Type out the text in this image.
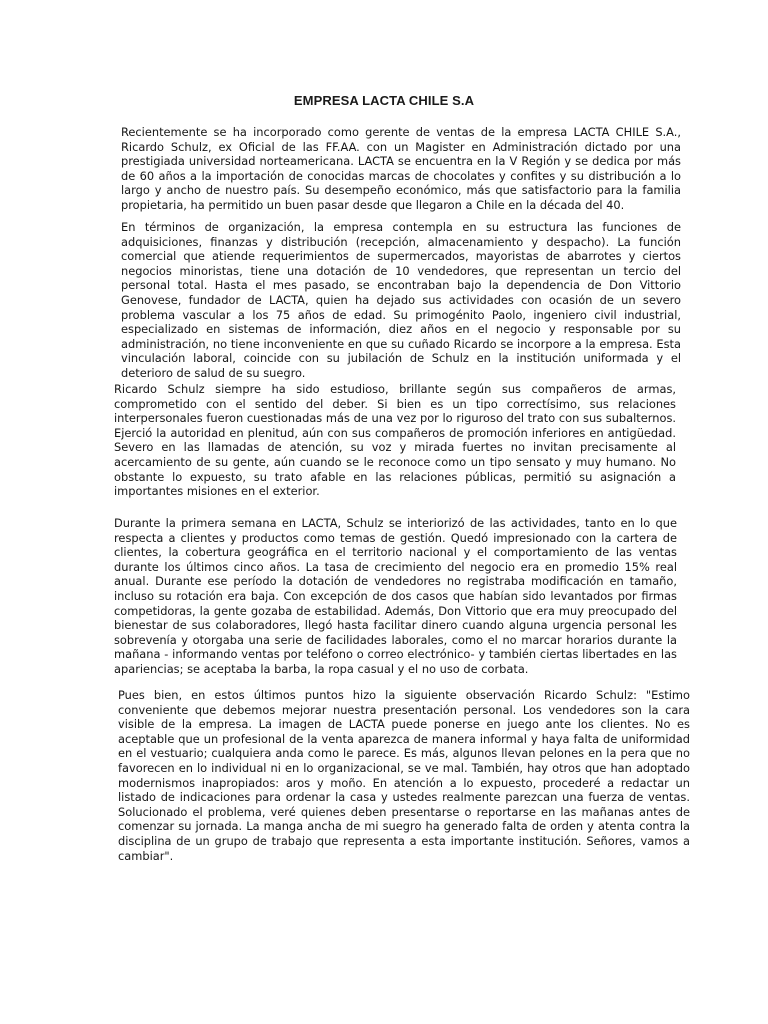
EMPRESA LACTA CHILE S.A

Recientemente se ha incorporado como gerente de ventas de la empresa LACTA CHILE S.A., Ricardo Schulz, ex Oficial de las FF.AA. con un Magister en Administración dictado por una prestigiada universidad norteamericana. LACTA se encuentra en la V Región y se dedica por más de 60 años a la importación de conocidas marcas de chocolates y confites y su distribución a lo largo y ancho de nuestro país. Su desempeño económico, más que satisfactorio para la familia propietaria, ha permitido un buen pasar desde que llegaron a Chile en la década del 40.

En términos de organización, la empresa contempla en su estructura las funciones de adquisiciones, finanzas y distribución (recepción, almacenamiento y despacho). La función comercial que atiende requerimientos de supermercados, mayoristas de abarrotes y ciertos negocios minoristas, tiene una dotación de 10 vendedores, que representan un tercio del personal total. Hasta el mes pasado, se encontraban bajo la dependencia de Don Vittorio Genovese, fundador de LACTA, quien ha dejado sus actividades con ocasión de un severo problema vascular a los 75 años de edad. Su primogénito Paolo, ingeniero civil industrial, especializado en sistemas de información, diez años en el negocio y responsable por su administración, no tiene inconveniente en que su cuñado Ricardo se incorpore a la empresa. Esta vinculación laboral, coincide con su jubilación de Schulz en la institución uniformada y el deterioro de salud de su suegro.

Ricardo Schulz siempre ha sido estudioso, brillante según sus compañeros de armas, comprometido con el sentido del deber. Si bien es un tipo correctísimo, sus relaciones interpersonales fueron cuestionadas más de una vez por lo riguroso del trato con sus subalternos. Ejerció la autoridad en plenitud, aún con sus compañeros de promoción inferiores en antigüedad. Severo en las llamadas de atención, su voz y mirada fuertes no invitan precisamente al acercamiento de su gente, aún cuando se le reconoce como un tipo sensato y muy humano. No obstante lo expuesto, su trato afable en las relaciones públicas, permitió su asignación a importantes misiones en el exterior.

Durante la primera semana en LACTA, Schulz se interiorizó de las actividades, tanto en lo que respecta a clientes y productos como temas de gestión. Quedó impresionado con la cartera de clientes, la cobertura geográfica en el territorio nacional y el comportamiento de las ventas durante los últimos cinco años. La tasa de crecimiento del negocio era en promedio 15% real anual. Durante ese período la dotación de vendedores no registraba modificación en tamaño, incluso su rotación era baja. Con excepción de dos casos que habían sido levantados por firmas competidoras, la gente gozaba de estabilidad. Además, Don Vittorio que era muy preocupado del bienestar de sus colaboradores, llegó hasta facilitar dinero cuando alguna urgencia personal les sobrevenía y otorgaba una serie de facilidades laborales, como el no marcar horarios durante la mañana - informando ventas por teléfono o correo electrónico- y también ciertas libertades en las apariencias; se aceptaba la barba, la ropa casual y el no uso de corbata.

Pues bien, en estos últimos puntos hizo la siguiente observación Ricardo Schulz: "Estimo conveniente que debemos mejorar nuestra presentación personal. Los vendedores son la cara visible de la empresa. La imagen de LACTA puede ponerse en juego ante los clientes. No es aceptable que un profesional de la venta aparezca de manera informal y haya falta de uniformidad en el vestuario; cualquiera anda como le parece. Es más, algunos llevan pelones en la pera que no favorecen en lo individual ni en lo organizacional, se ve mal. También, hay otros que han adoptado modernismos inapropiados: aros y moño. En atención a lo expuesto, procederé a redactar un listado de indicaciones para ordenar la casa y ustedes realmente parezcan una fuerza de ventas. Solucionado el problema, veré quienes deben presentarse o reportarse en las mañanas antes de comenzar su jornada. La manga ancha de mi suegro ha generado falta de orden y atenta contra la disciplina de un grupo de trabajo que representa a esta importante institución. Señores, vamos a cambiar".
